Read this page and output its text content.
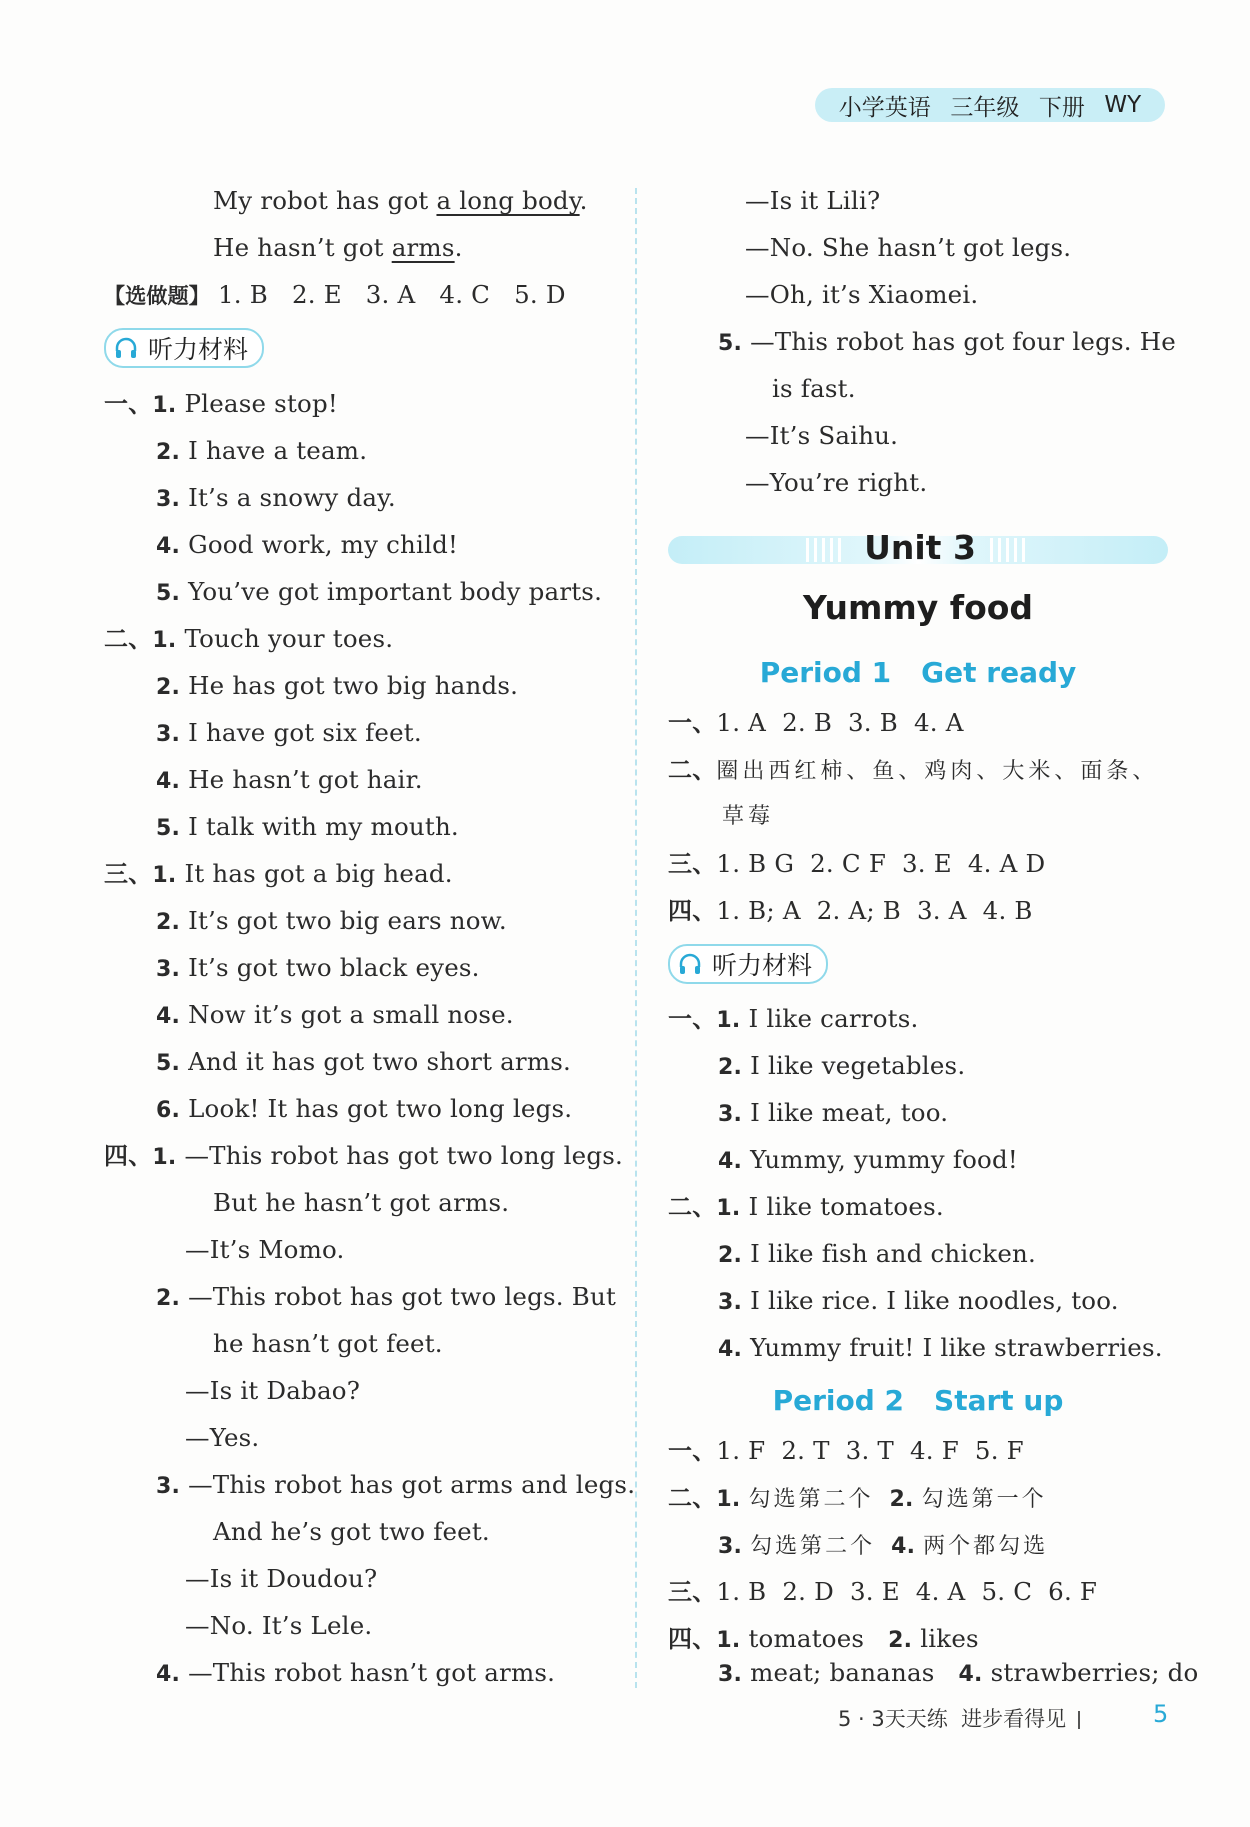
小学英语 三年级 下册 WY
My robot has got a long body.
He hasn’t got arms.
【选做题】 1. B 2. E 3. A 4. C 5. D
听力材料
一、1. Please stop!
2. I have a team.
3. It’s a snowy day.
4. Good work, my child!
5. You’ve got important body parts.
二、1. Touch your toes.
2. He has got two big hands.
3. I have got six feet.
4. He hasn’t got hair.
5. I talk with my mouth.
三、1. It has got a big head.
2. It’s got two big ears now.
3. It’s got two black eyes.
4. Now it’s got a small nose.
5. And it has got two short arms.
6. Look! It has got two long legs.
四、1. —This robot has got two long legs.
But he hasn’t got arms.
—It’s Momo.
2. —This robot has got two legs. But
he hasn’t got feet.
—Is it Dabao?
—Yes.
3. —This robot has got arms and legs.
And he’s got two feet.
—Is it Doudou?
—No. It’s Lele.
4. —This robot hasn’t got arms.
—Is it Lili?
—No. She hasn’t got legs.
—Oh, it’s Xiaomei.
5. —This robot has got four legs. He
is fast.
—It’s Saihu.
—You’re right.
Unit 3
Yummy food
Period 1 Get ready
一、1. A 2. B 3. B 4. A
二、圈出西红柿、鱼、鸡肉、大米、面条、
草莓
三、1. B G 2. C F 3. E 4. A D
四、1. B; A 2. A; B 3. A 4. B
听力材料
一、1. I like carrots.
2. I like vegetables.
3. I like meat, too.
4. Yummy, yummy food!
二、1. I like tomatoes.
2. I like fish and chicken.
3. I like rice. I like noodles, too.
4. Yummy fruit! I like strawberries.
Period 2 Start up
一、1. F 2. T 3. T 4. F 5. F
二、1. 勾选第二个 2. 勾选第一个
3. 勾选第二个 4. 两个都勾选
三、1. B 2. D 3. E 4. A 5. C 6. F
四、1. tomatoes 2. likes
3. meat; bananas 4. strawberries; do
5 · 3天天练 进步看得见	5
